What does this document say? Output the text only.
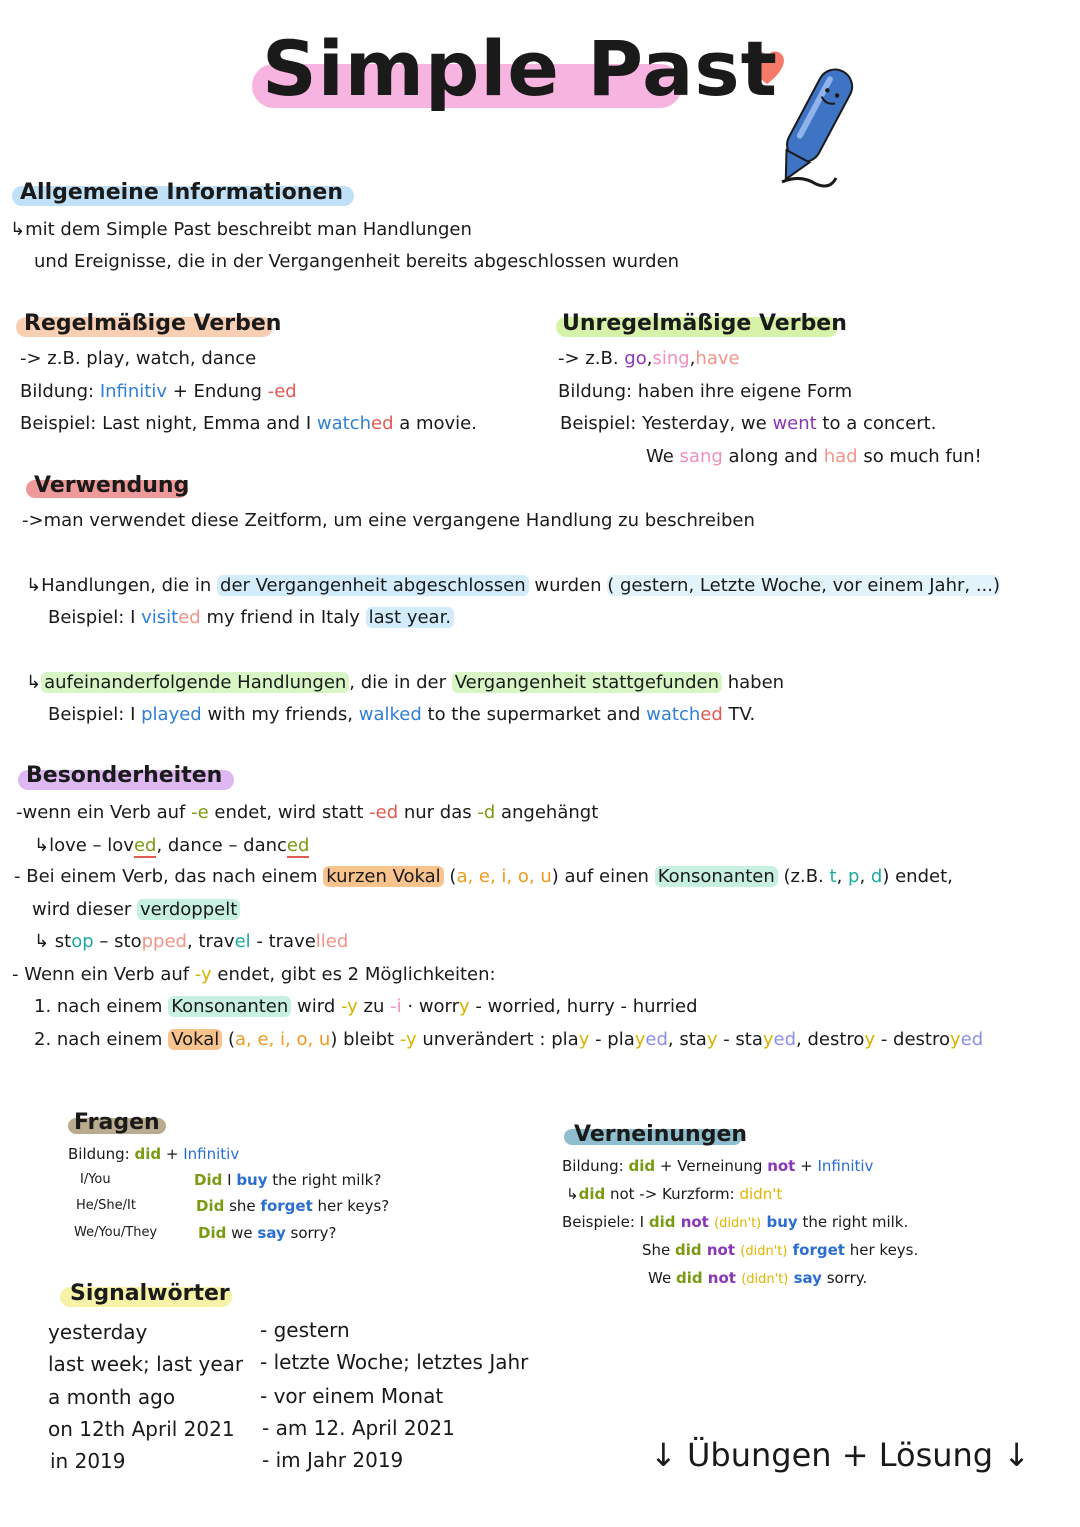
Simple Past
Allgemeine Informationen
↳mit dem Simple Past beschreibt man Handlungen
und Ereignisse, die in der Vergangenheit bereits abgeschlossen wurden
Regelmäßige Verben
-> z.B. play, watch, dance
Bildung: Infinitiv + Endung -ed
Beispiel: Last night, Emma and I watched a movie.
Unregelmäßige Verben
-> z.B. go,sing,have
Bildung: haben ihre eigene Form
Beispiel: Yesterday, we went to a concert.
We sang along and had so much fun!
Verwendung
->man verwendet diese Zeitform, um eine vergangene Handlung zu beschreiben
↳Handlungen, die in der Vergangenheit abgeschlossen wurden ( gestern, Letzte Woche, vor einem Jahr, ...)
Beispiel: I visited my friend in Italy last year.
↳ aufeinanderfolgende Handlungen , die in der Vergangenheit stattgefunden haben
Beispiel: I played with my friends, walked to the supermarket and watched TV.
Besonderheiten
-wenn ein Verb auf -e endet, wird statt -ed nur das -d angehängt
↳love – loved, dance – danced
- Bei einem Verb, das nach einem kurzen Vokal (a, e, i, o, u) auf einen Konsonanten (z.B. t, p, d) endet,
wird dieser verdoppelt
↳ stop – stopped, travel - travelled
- Wenn ein Verb auf -y endet, gibt es 2 Möglichkeiten:
1. nach einem Konsonanten wird -y zu -i · worry - worried, hurry - hurried
2. nach einem Vokal (a, e, i, o, u) bleibt -y unverändert : play - played, stay - stayed, destroy - destroyed
Fragen
Bildung: did + Infinitiv
I/You	Did I buy the right milk?
He/She/It	Did she forget her keys?
We/You/They	Did we say sorry?
Verneinungen
Bildung: did + Verneinung not + Infinitiv
↳did not -> Kurzform: didn't
Beispiele: I did not (didn't) buy the right milk.
She did not (didn't) forget her keys.
We did not (didn't) say sorry.
Signalwörter
yesterday	- gestern
last week; last year - letzte Woche; letztes Jahr
a month ago	- vor einem Monat
on 12th April 2021 - am 12. April 2021
in 2019	- im Jahr 2019	↓ Übungen + Lösung ↓
